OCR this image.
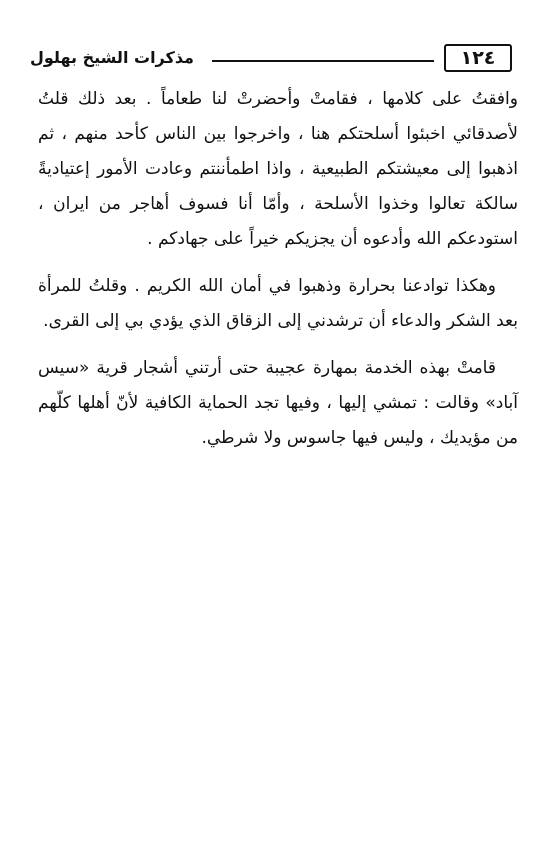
مذكرات الشيخ بهلول	١٢٤

وافقتُ على كلامها ، فقامتْ وأحضرتْ لنا طعاماً . بعد ذلك قلتُ لأصدقائي اخبئوا أسلحتكم هنا ، واخرجوا بين الناس كأحد منهم ، ثم اذهبوا إلى معيشتكم الطبيعية ، واذا اطمأننتم وعادت الأمور إعتياديةً سالكة تعالوا وخذوا الأسلحة ، وأمّا أنا فسوف أهاجر من ايران ، استودعكم الله وأدعوه أن يجزيكم خيراً على جهادكم .

وهكذا تواد‌عنا بحرارة وذهبوا في أمان الله الكريم . وقلتُ للمرأة بعد الشكر والدعاء أن ترشدني إلى الزقاق الذي يؤدي بي إلى القرى.

قامتْ بهذه الخدمة بمهارة عجيبة حتى أرتني أشجار قرية «سيس آباد» وقالت : تمشي إليها ، وفيها تجد الحماية الكافية لأنّ أهلها كلّهم من مؤيديك ، وليس فيها جاسوس ولا شرطي.
